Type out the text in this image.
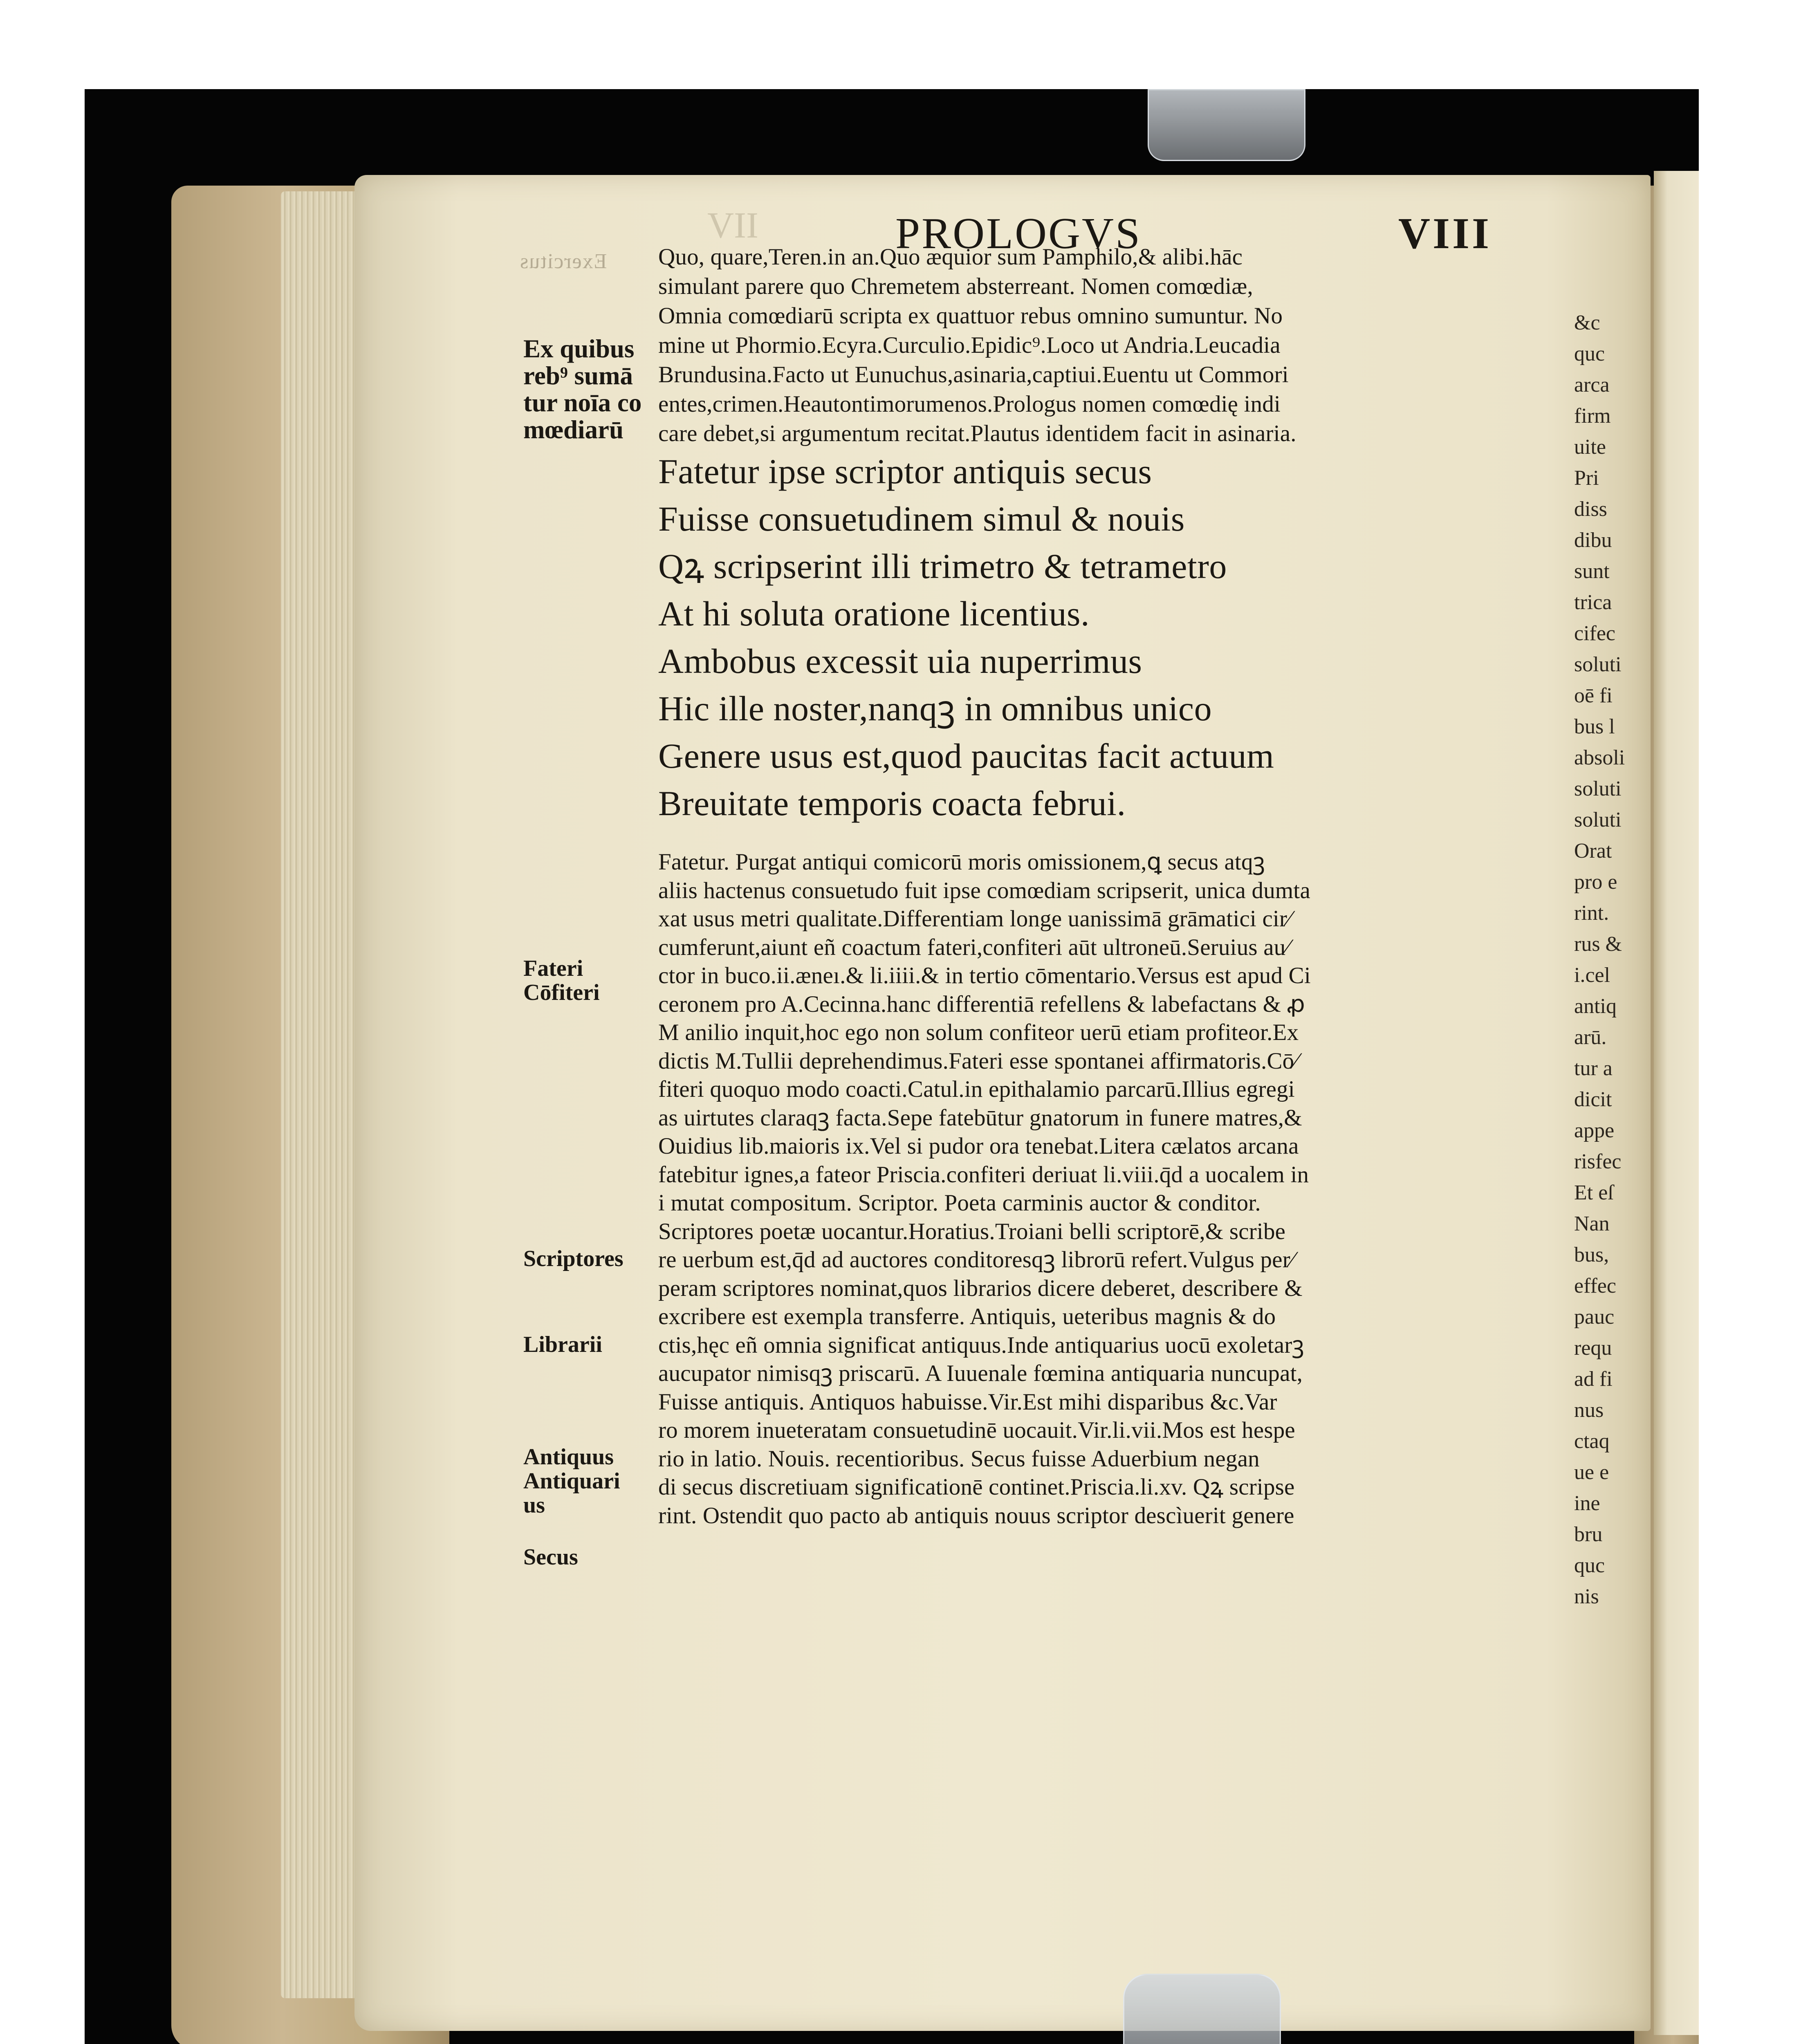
Exercitus
VII	PROLOGVS	VIII
Quo, quare,Teren.in an.Quo æquior sum Pamphilo,& alibi.hāc
simulant parere quo Chremetem absterreant. Nomen comœdiæ,
Omnia comœdiarū scripta ex quattuor rebus omnino sumuntur. No
mine ut Phormio.Ecyra.Curculio.Epidic⁹.Loco ut Andria.Leucadia
Brundusina.Facto ut Eunuchus,asinaria,captiui.Euentu ut Commori
entes,crimen.Heautontimorumenos.Prologus nomen comœdię indi
care debet,si argumentum recitat.Plautus identidem facit in asinaria.
Fatetur ipse scriptor antiquis secus
Fuisse consuetudinem simul & nouis
Qꝝ scripserint illi trimetro & tetrametro
At hi soluta oratione licentius.
Ambobus excessit uia nuperrimus
Hic ille noster,nanqꝫ in omnibus unico
Genere usus est,quod paucitas facit actuum
Breuitate temporis coacta februi.
Fatetur. Purgat antiqui comicorū moris omissionem,ꝗ secus atqꝫ
aliis hactenus consuetudo fuit ipse comœdiam scripserit, unica dumta
xat usus metri qualitate.Differentiam longe uanissimā grāmatici cir⁄
cumferunt,aiunt eñ coactum fateri,confiteri aūt ultroneū.Seruius au⁄
ctor in buco.ii.æneı.& li.iiii.& in tertio cōmentario.Versus est apud Ci
ceronem pro A.Cecinna.hanc differentiā refellens & labefactans & ꝓ
M anilio inquit,hoc ego non solum confiteor uerū etiam profiteor.Ex
dictis M.Tullii deprehendimus.Fateri esse spontanei affirmatoris.Cō⁄
fiteri quoquo modo coacti.Catul.in epithalamio parcarū.Illius egregi
as uirtutes claraqꝫ facta.Sepe fatebūtur gnatorum in funere matres,&
Ouidius lib.maioris ix.Vel si pudor ora tenebat.Litera cælatos arcana
fatebitur ignes,a fateor Priscia.confiteri deriuat li.viii.q̄d a uocalem in
i mutat compositum. Scriptor. Poeta carminis auctor & conditor.
Scriptores poetæ uocantur.Horatius.Troiani belli scriptorē,& scribe
re uerbum est,q̄d ad auctores conditoresqꝫ librorū refert.Vulgus per⁄
peram scriptores nominat,quos librarios dicere deberet, describere &
excribere est exempla transferre. Antiquis, ueteribus magnis & do
ctis,hęc eñ omnia significat antiquus.Inde antiquarius uocū exoletarꝫ
aucupator nimisqꝫ priscarū. A Iuuenale fœmina antiquaria nuncupat,
Fuisse antiquis. Antiquos habuisse.Vir.Est mihi disparibus &c.Var
ro morem inueteratam consuetudinē uocauit.Vir.li.vii.Mos est hespe
rio in latio. Nouis. recentioribus. Secus fuisse Aduerbium negan
di secus discretiuam significationē continet.Priscia.li.xv. Qꝝ scripse
rint. Ostendit quo pacto ab antiquis nouus scriptor descìuerit genere
Ex quibus
reb⁹ sumā
tur noīa co
mœdiarū
Fateri
Cōfiteri
Scriptores
Librarii
Antiquus
Antiquari
us
Secus
&c
quc
arca
firm
uite
Pri
diss
dibu
sunt
trica
cifec
soluti
oē fi
bus l
absoli
soluti
soluti
Orat
pro e
rint.
rus &
i.cel
antiq
arū.
tur a
dicit
appe
risfec
Et eſ
Nan
bus,
effec
pauc
requ
ad fi
nus
ctaq
ue e
ine
bru
quc
nis
